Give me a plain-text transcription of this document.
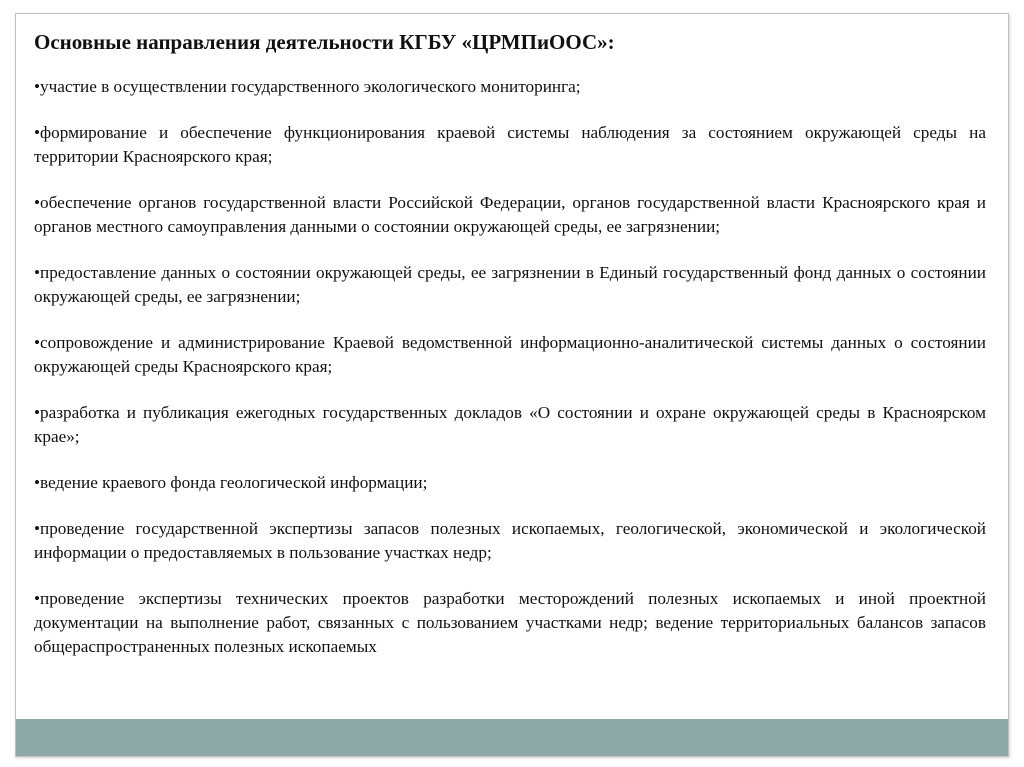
Основные направления деятельности КГБУ «ЦРМПиООС»:
•участие в осуществлении государственного экологического мониторинга;
•формирование и обеспечение функционирования краевой системы наблюдения за состоянием окружающей среды на территории Красноярского края;
•обеспечение органов государственной власти Российской Федерации, органов государственной власти Красноярского края и органов местного самоуправления данными о состоянии окружающей среды, ее загрязнении;
•предоставление данных о состоянии окружающей среды, ее загрязнении в Единый государственный фонд данных о состоянии окружающей среды, ее загрязнении;
•сопровождение и администрирование Краевой ведомственной информационно-аналитической системы данных о состоянии окружающей среды Красноярского края;
•разработка и публикация ежегодных государственных докладов «О состоянии и охране окружающей среды в Красноярском крае»;
•ведение краевого фонда геологической информации;
•проведение государственной экспертизы запасов полезных ископаемых, геологической, экономической и экологической информации о предоставляемых в пользование участках недр;
•проведение экспертизы технических проектов разработки месторождений полезных ископаемых и иной проектной документации на выполнение работ, связанных с пользованием участками недр; ведение территориальных балансов запасов общераспространенных полезных ископаемых
